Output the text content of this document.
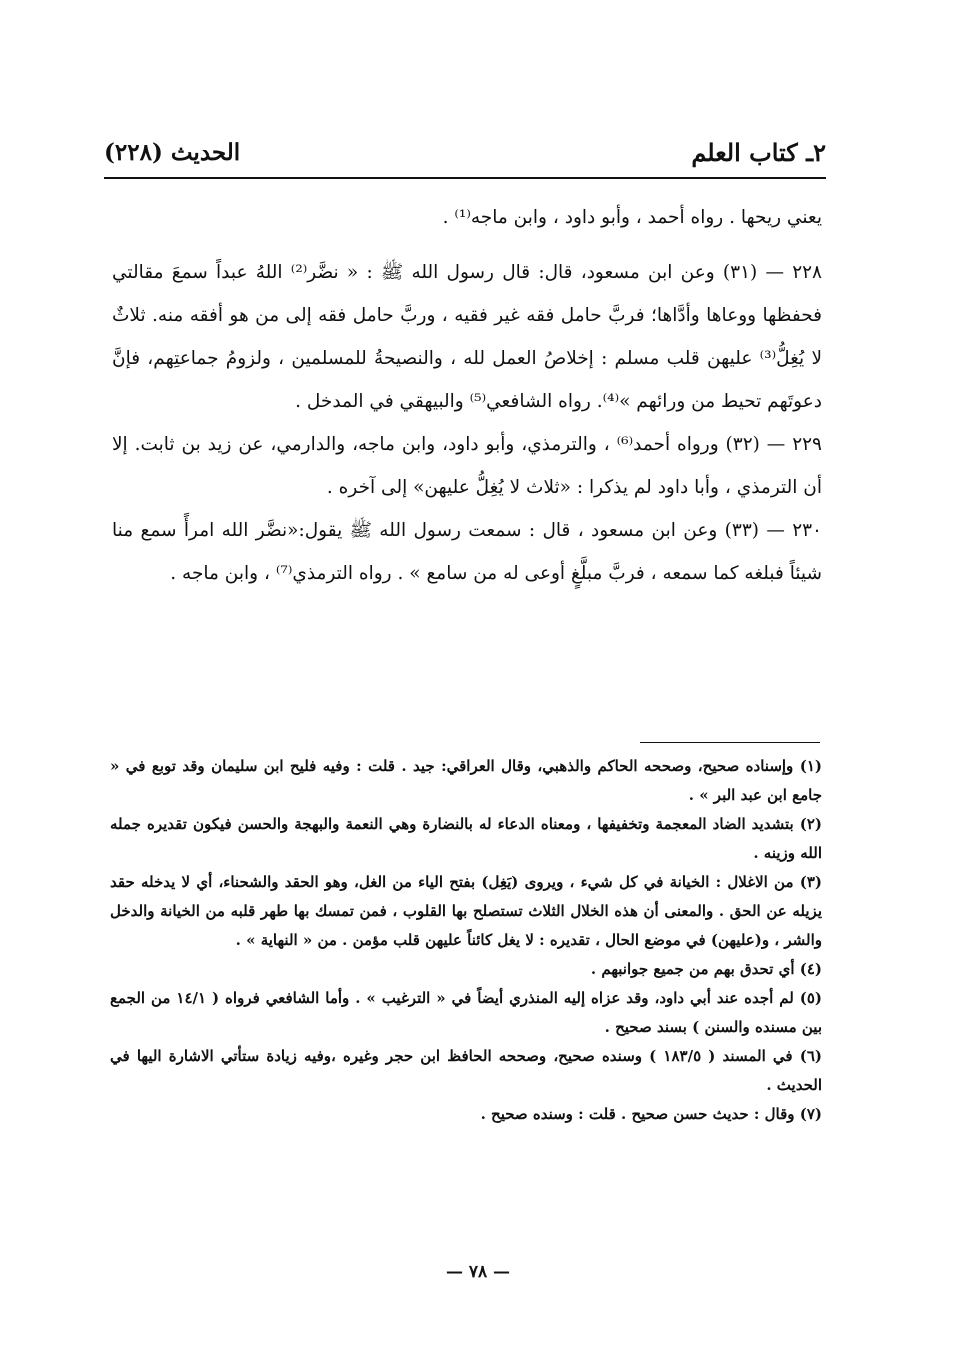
٢ـ كتاب العلم
الحديث (٢٢٨)

يعني ريحها . رواه أحمد ، وأبو داود ، وابن ماجه⁽¹⁾ .

٢٢٨ — (٣١) وعن ابن مسعود، قال: قال رسول الله ﷺ : « نضَّر⁽²⁾ اللهُ عبداً سمعَ مقالتي فحفظها ووعاها وأدَّاها؛ فربَّ حامل فقه غير فقيه ، وربَّ حامل فقه إلى من هو أفقه منه. ثلاثٌ لا يُغِلُّ⁽³⁾ عليهن قلب مسلم : إخلاصُ العمل لله ، والنصيحةُ للمسلمين ، ولزومُ جماعتِهم، فإنَّ دعوتَهم تحيط من ورائهم »⁽⁴⁾. رواه الشافعي⁽⁵⁾ والبيهقي في المدخل .

٢٢٩ — (٣٢) ورواه أحمد⁽⁶⁾ ، والترمذي، وأبو داود، وابن ماجه، والدارمي، عن زيد بن ثابت. إلا أن الترمذي ، وأبا داود لم يذكرا : «ثلاث لا يُغِلُّ عليهن» إلى آخره .

٢٣٠ — (٣٣) وعن ابن مسعود ، قال : سمعت رسول الله ﷺ يقول:«نضَّر الله امرأً سمع منا شيئاً فبلغه كما سمعه ، فربَّ مبلَّغٍ أوعى له من سامع » . رواه الترمذي⁽⁷⁾ ، وابن ماجه .

(١) وإسناده صحيح، وصححه الحاكم والذهبي، وقال العراقي: جيد . قلت : وفيه فليح ابن سليمان وقد توبع في « جامع ابن عبد البر » .

(٢) بتشديد الضاد المعجمة وتخفيفها ، ومعناه الدعاء له بالنضارة وهي النعمة والبهجة والحسن فيكون تقديره جمله الله وزينه .

(٣) من الاغلال : الخيانة في كل شيء ، ويروى (يَغِل) بفتح الياء من الغل، وهو الحقد والشحناء، أي لا يدخله حقد يزيله عن الحق . والمعنى أن هذه الخلال الثلاث تستصلح بها القلوب ، فمن تمسك بها طهر قلبه من الخيانة والدخل والشر ، و(عليهن) في موضع الحال ، تقديره : لا يغل كائناً عليهن قلب مؤمن . من « النهاية » .

(٤) أي تحدق بهم من جميع جوانبهم .

(٥) لم أجده عند أبي داود، وقد عزاه إليه المنذري أيضاً في « الترغيب » . وأما الشافعي فرواه ( ١٤/١ من الجمع بين مسنده والسنن ) بسند صحيح .

(٦) في المسند ( ١٨٣/٥ ) وسنده صحيح، وصححه الحافظ ابن حجر وغيره ،وفيه زيادة ستأتي الاشارة اليها في الحديث .

(٧) وقال : حديث حسن صحيح . قلت : وسنده صحيح .

— ٧٨ —
